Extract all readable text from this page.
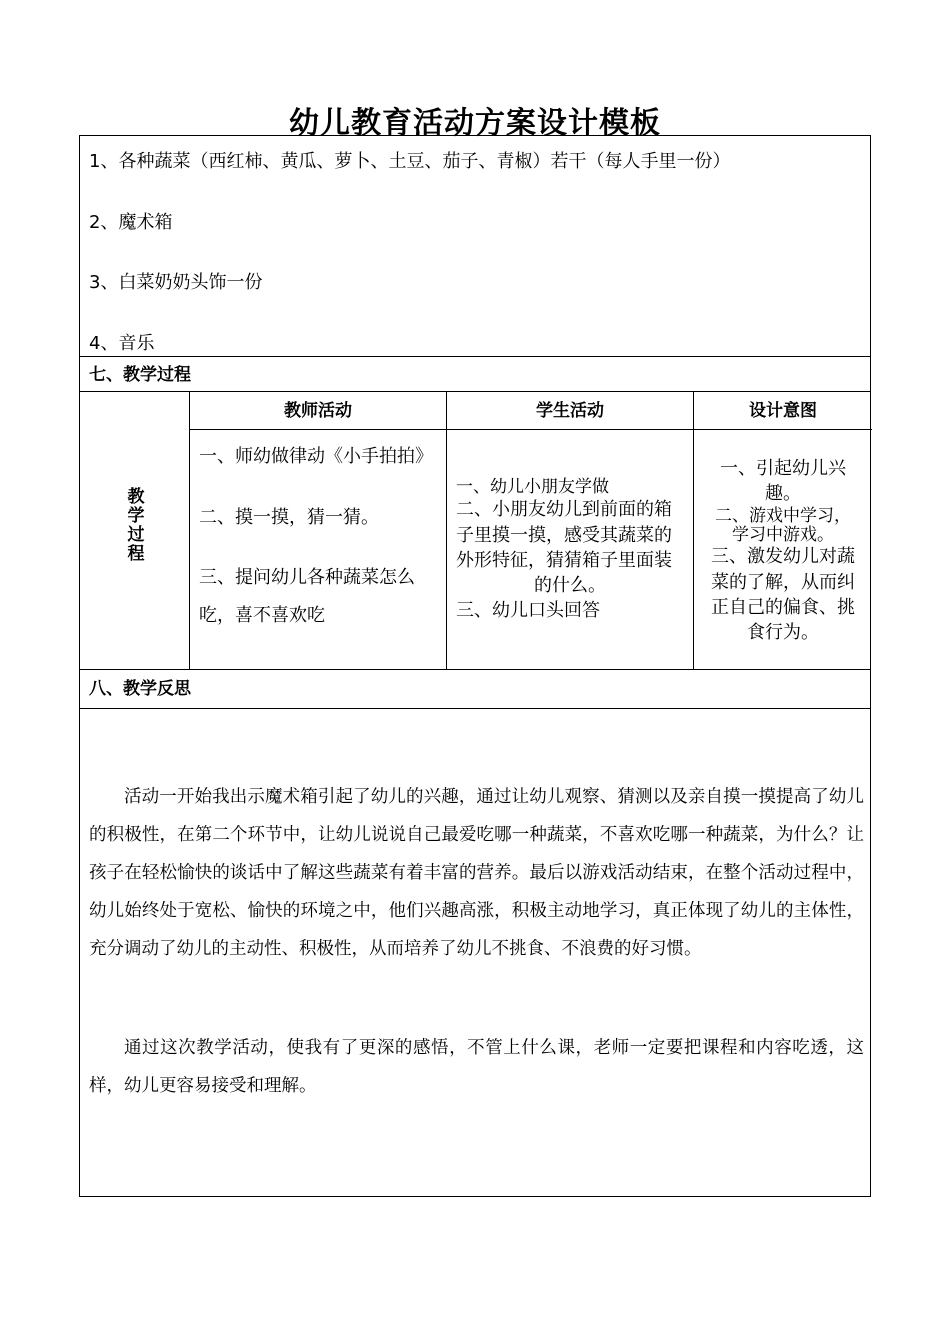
幼儿教育活动方案设计模板
1、各种蔬菜（西红柿、黄瓜、萝卜、土豆、茄子、青椒）若干（每人手里一份）
2、魔术箱
3、白菜奶奶头饰一份
4、音乐
七、教学过程
教师活动	学生活动	设计意图
教
学
过
程
一、师幼做律动《小手拍拍》
二、摸一摸，猜一猜。
三、提问幼儿各种蔬菜怎么
吃，喜不喜欢吃
一、幼儿小朋友学做
二、小朋友幼儿到前面的箱
子里摸一摸，感受其蔬菜的
外形特征，猜猜箱子里面装
的什么。
三、幼儿口头回答
一、引起幼儿兴
趣。
二、游戏中学习，
学习中游戏。
三、激发幼儿对蔬
菜的了解，从而纠
正自己的偏食、挑
食行为。
八、教学反思

活动一开始我出示魔术箱引起了幼儿的兴趣，通过让幼儿观察、猜测以及亲自摸一摸提高了幼儿的积极性，在第二个环节中，让幼儿说说自己最爱吃哪一种蔬菜，不喜欢吃哪一种蔬菜，为什么？让孩子在轻松愉快的谈话中了解这些蔬菜有着丰富的营养。最后以游戏活动结束，在整个活动过程中，幼儿始终处于宽松、愉快的环境之中，他们兴趣高涨，积极主动地学习，真正体现了幼儿的主体性，充分调动了幼儿的主动性、积极性，从而培养了幼儿不挑食、不浪费的好习惯。

通过这次教学活动，使我有了更深的感悟，不管上什么课，老师一定要把课程和内容吃透，这样，幼儿更容易接受和理解。
